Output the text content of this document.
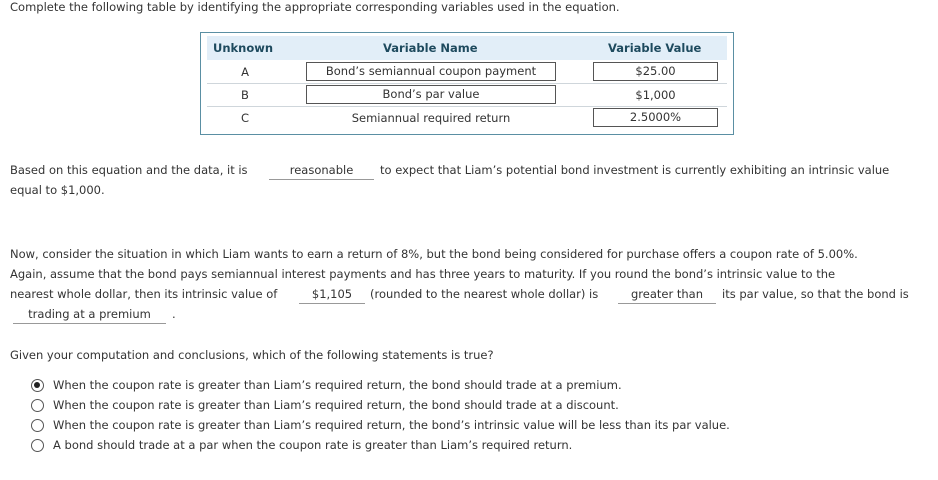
Complete the following table by identifying the appropriate corresponding variables used in the equation.
Unknown	Variable Name	Variable Value
A	Bond’s semiannual coupon payment	$25.00
B	Bond’s par value	$1,000
C	Semiannual required return	2.5000%
Based on this equation and the data, it is	reasonable	to expect that Liam’s potential bond investment is currently exhibiting an intrinsic value
equal to $1,000.
Now, consider the situation in which Liam wants to earn a return of 8%, but the bond being considered for purchase offers a coupon rate of 5.00%.
Again, assume that the bond pays semiannual interest payments and has three years to maturity. If you round the bond’s intrinsic value to the
nearest whole dollar, then its intrinsic value of	$1,105	(rounded to the nearest whole dollar) is	greater than	its par value, so that the bond is
trading at a premium	.
Given your computation and conclusions, which of the following statements is true?
When the coupon rate is greater than Liam’s required return, the bond should trade at a premium.
When the coupon rate is greater than Liam’s required return, the bond should trade at a discount.
When the coupon rate is greater than Liam’s required return, the bond’s intrinsic value will be less than its par value.
A bond should trade at a par when the coupon rate is greater than Liam’s required return.
